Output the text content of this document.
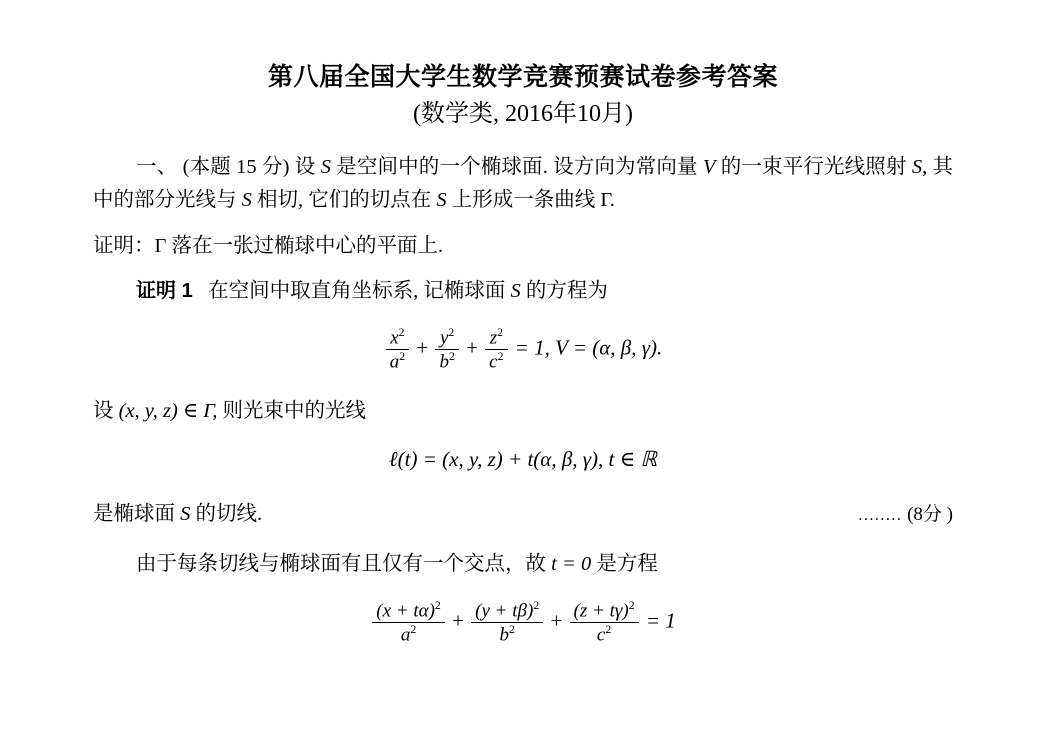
第八届全国大学生数学竞赛预赛试卷参考答案
(数学类, 2016年10月)
一、 (本题 15 分) 设 S 是空间中的一个椭球面. 设方向为常向量 V 的一束平行光线照射 S, 其中的部分光线与 S 相切, 它们的切点在 S 上形成一条曲线 Γ.
证明：Γ 落在一张过椭球中心的平面上.
证明 1 在空间中取直角坐标系, 记椭球面 S 的方程为
$\frac{x^2}{a^2} + \frac{y^2}{b^2} + \frac{z^2}{c^2} = 1$, V = (α, β, γ).
设 (x, y, z) ∈ Γ, 则光束中的光线
ℓ(t) = (x, y, z) + t(α, β, γ), t ∈ ℝ
是椭球面 S 的切线.	........ (8分 )
由于每条切线与椭球面有且仅有一个交点，故 t = 0 是方程
$\frac{(x + t\alpha)^2}{a^2} + \frac{(y + t\beta)^2}{b^2} + \frac{(z + t\gamma)^2}{c^2} = 1$
